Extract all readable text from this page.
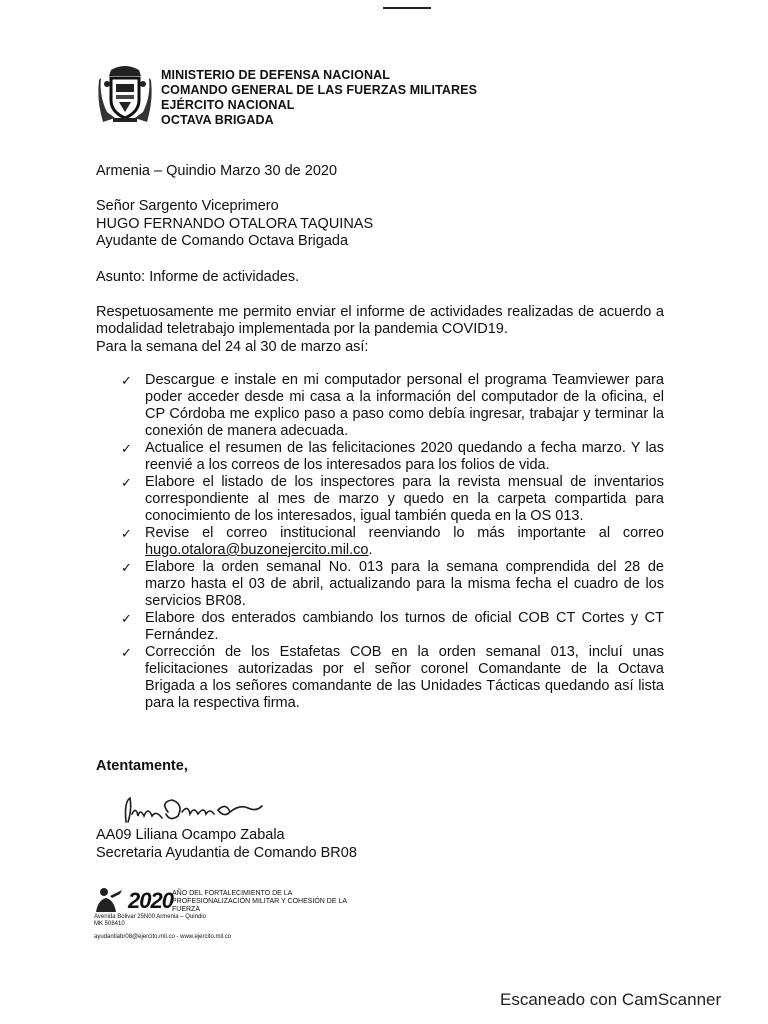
MINISTERIO DE DEFENSA NACIONAL
COMANDO GENERAL DE LAS FUERZAS MILITARES
EJÉRCITO NACIONAL
OCTAVA BRIGADA
Armenia – Quindio Marzo 30 de 2020
Señor Sargento Viceprimero
HUGO FERNANDO OTALORA TAQUINAS
Ayudante de Comando Octava Brigada
Asunto: Informe de actividades.
Respetuosamente me permito enviar el informe de actividades realizadas de acuerdo a modalidad teletrabajo implementada por la pandemia COVID19.
Para la semana del 24 al 30 de marzo así:
✓ Descargue e instale en mi computador personal el programa Teamviewer para poder acceder desde mi casa a la información del computador de la oficina, el CP Córdoba me explico paso a paso como debía ingresar, trabajar y terminar la conexión de manera adecuada.
✓ Actualice el resumen de las felicitaciones 2020 quedando a fecha marzo. Y las reenvié a los correos de los interesados para los folios de vida.
✓ Elabore el listado de los inspectores para la revista mensual de inventarios correspondiente al mes de marzo y quedo en la carpeta compartida para conocimiento de los interesados, igual también queda en la OS 013.
✓ Revise el correo institucional reenviando lo más importante al correo hugo.otalora@buzonejercito.mil.co.
✓ Elabore la orden semanal No. 013 para la semana comprendida del 28 de marzo hasta el 03 de abril, actualizando para la misma fecha el cuadro de los servicios BR08.
✓ Elabore dos enterados cambiando los turnos de oficial COB CT Cortes y CT Fernández.
✓ Corrección de los Estafetas COB en la orden semanal 013, incluí unas felicitaciones autorizadas por el señor coronel Comandante de la Octava Brigada a los señores comandante de las Unidades Tácticas quedando así lista para la respectiva firma.
Atentamente,
AA09 Liliana Ocampo Zabala
Secretaria Ayudantia de Comando BR08
2020 AÑO DEL FORTALECIMIENTO DE LA PROFESIONALIZACIÓN MILITAR Y COHESIÓN DE LA FUERZA
Avenida Bolivar 25N00 Armenia – Quindio
MK 508410
ayudantiabr08@ejercito.mil.co - www.ejercito.mil.co
Escaneado con CamScanner
